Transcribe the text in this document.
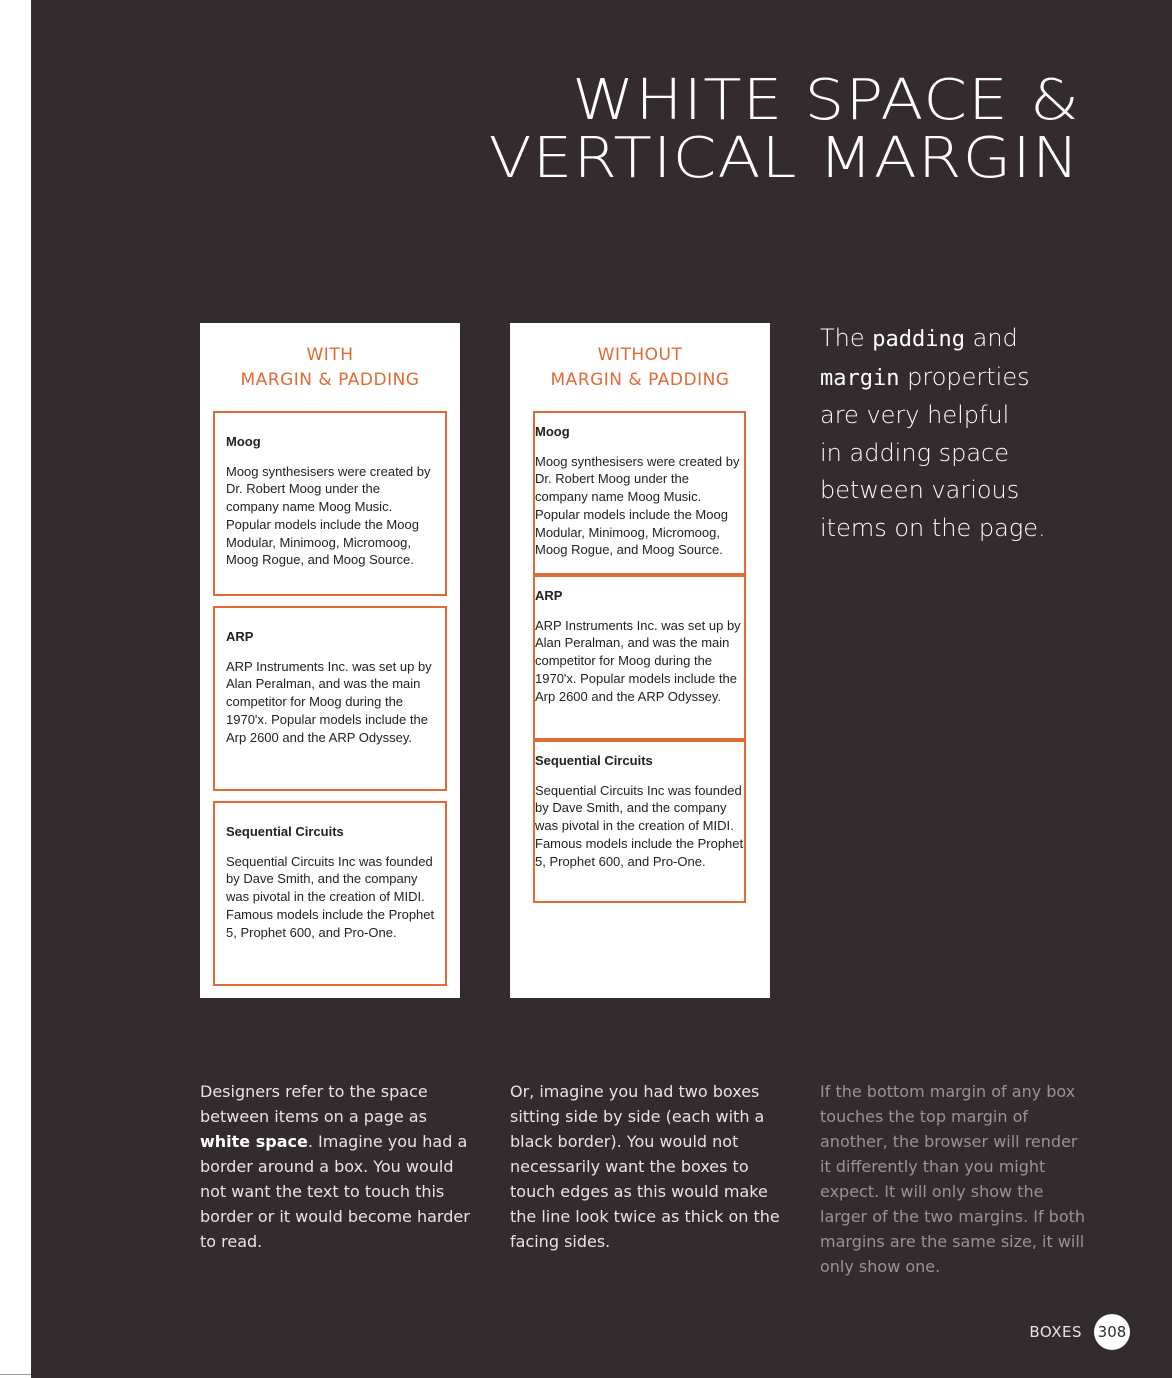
WHITE SPACE &
VERTICAL MARGIN
WITH
MARGIN & PADDING

Moog

Moog synthesisers were created by Dr. Robert Moog under the company name Moog Music. Popular models include the Moog Modular, Minimoog, Micromoog, Moog Rogue, and Moog Source.

ARP

ARP Instruments Inc. was set up by Alan Peralman, and was the main competitor for Moog during the 1970'x. Popular models include the Arp 2600 and the ARP Odyssey.

Sequential Circuits

Sequential Circuits Inc was founded by Dave Smith, and the company was pivotal in the creation of MIDI. Famous models include the Prophet 5, Prophet 600, and Pro-One.

WITHOUT
MARGIN & PADDING

Moog

Moog synthesisers were created by Dr. Robert Moog under the company name Moog Music. Popular models include the Moog Modular, Minimoog, Micromoog, Moog Rogue, and Moog Source.

ARP

ARP Instruments Inc. was set up by Alan Peralman, and was the main competitor for Moog during the 1970'x. Popular models include the Arp 2600 and the ARP Odyssey.

Sequential Circuits

Sequential Circuits Inc was founded by Dave Smith, and the company was pivotal in the creation of MIDI. Famous models include the Prophet 5, Prophet 600, and Pro-One.

The padding and
margin properties
are very helpful
in adding space
between various
items on the page.

Designers refer to the space between items on a page as white space. Imagine you had a border around a box. You would not want the text to touch this border or it would become harder to read.

Or, imagine you had two boxes sitting side by side (each with a black border). You would not necessarily want the boxes to touch edges as this would make the line look twice as thick on the facing sides.

If the bottom margin of any box touches the top margin of another, the browser will render it differently than you might expect. It will only show the larger of the two margins. If both margins are the same size, it will only show one.

BOXES 308
